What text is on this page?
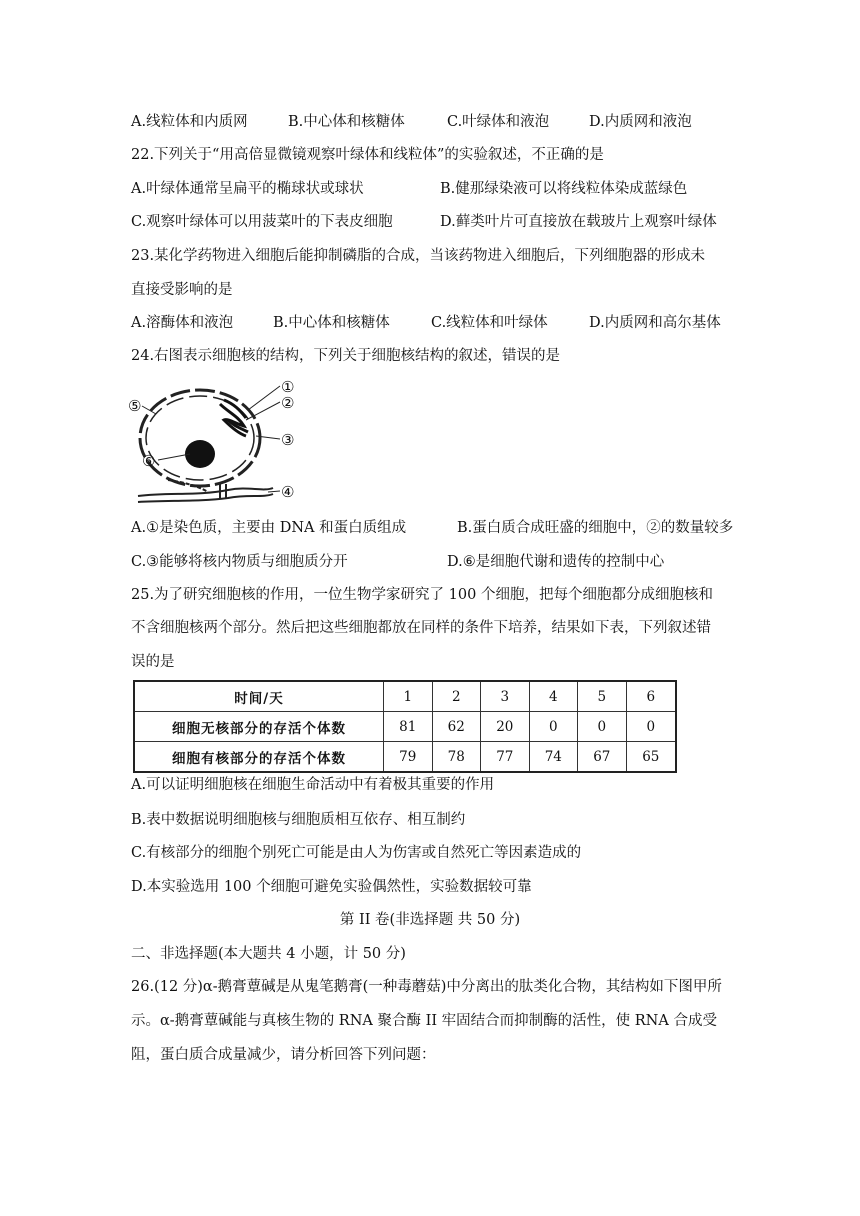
A.线粒体和内质网	B.中心体和核糖体	C.叶绿体和液泡	D.内质网和液泡
22.下列关于“用高倍显微镜观察叶绿体和线粒体”的实验叙述，不正确的是
A.叶绿体通常呈扁平的椭球状或球状	B.健那绿染液可以将线粒体染成蓝绿色
C.观察叶绿体可以用菠菜叶的下表皮细胞	D.藓类叶片可直接放在载玻片上观察叶绿体
23.某化学药物进入细胞后能抑制磷脂的合成，当该药物进入细胞后，下列细胞器的形成未
直接受影响的是
A.溶酶体和液泡	B.中心体和核糖体	C.线粒体和叶绿体	D.内质网和高尔基体
24.右图表示细胞核的结构，下列关于细胞核结构的叙述，错误的是
①
②
③
④
⑤
⑥
A.①是染色质，主要由 DNA 和蛋白质组成	B.蛋白质合成旺盛的细胞中，②的数量较多
C.③能够将核内物质与细胞质分开	D.⑥是细胞代谢和遗传的控制中心
25.为了研究细胞核的作用，一位生物学家研究了 100 个细胞，把每个细胞都分成细胞核和
不含细胞核两个部分。然后把这些细胞都放在同样的条件下培养，结果如下表，下列叙述错
误的是
时间/天	1	2	3	4	5	6
细胞无核部分的存活个体数	81	62	20	0	0	0
细胞有核部分的存活个体数	79	78	77	74	67	65
A.可以证明细胞核在细胞生命活动中有着极其重要的作用
B.表中数据说明细胞核与细胞质相互依存、相互制约
C.有核部分的细胞个别死亡可能是由人为伤害或自然死亡等因素造成的
D.本实验选用 100 个细胞可避免实验偶然性，实验数据较可靠
第 II 卷(非选择题 共 50 分)
二、非选择题(本大题共 4 小题，计 50 分)
26.(12 分)α-鹅膏蕈碱是从鬼笔鹅膏(一种毒蘑菇)中分离出的肽类化合物，其结构如下图甲所
示。α-鹅膏蕈碱能与真核生物的 RNA 聚合酶 II 牢固结合而抑制酶的活性，使 RNA 合成受
阻，蛋白质合成量减少，请分析回答下列问题：
